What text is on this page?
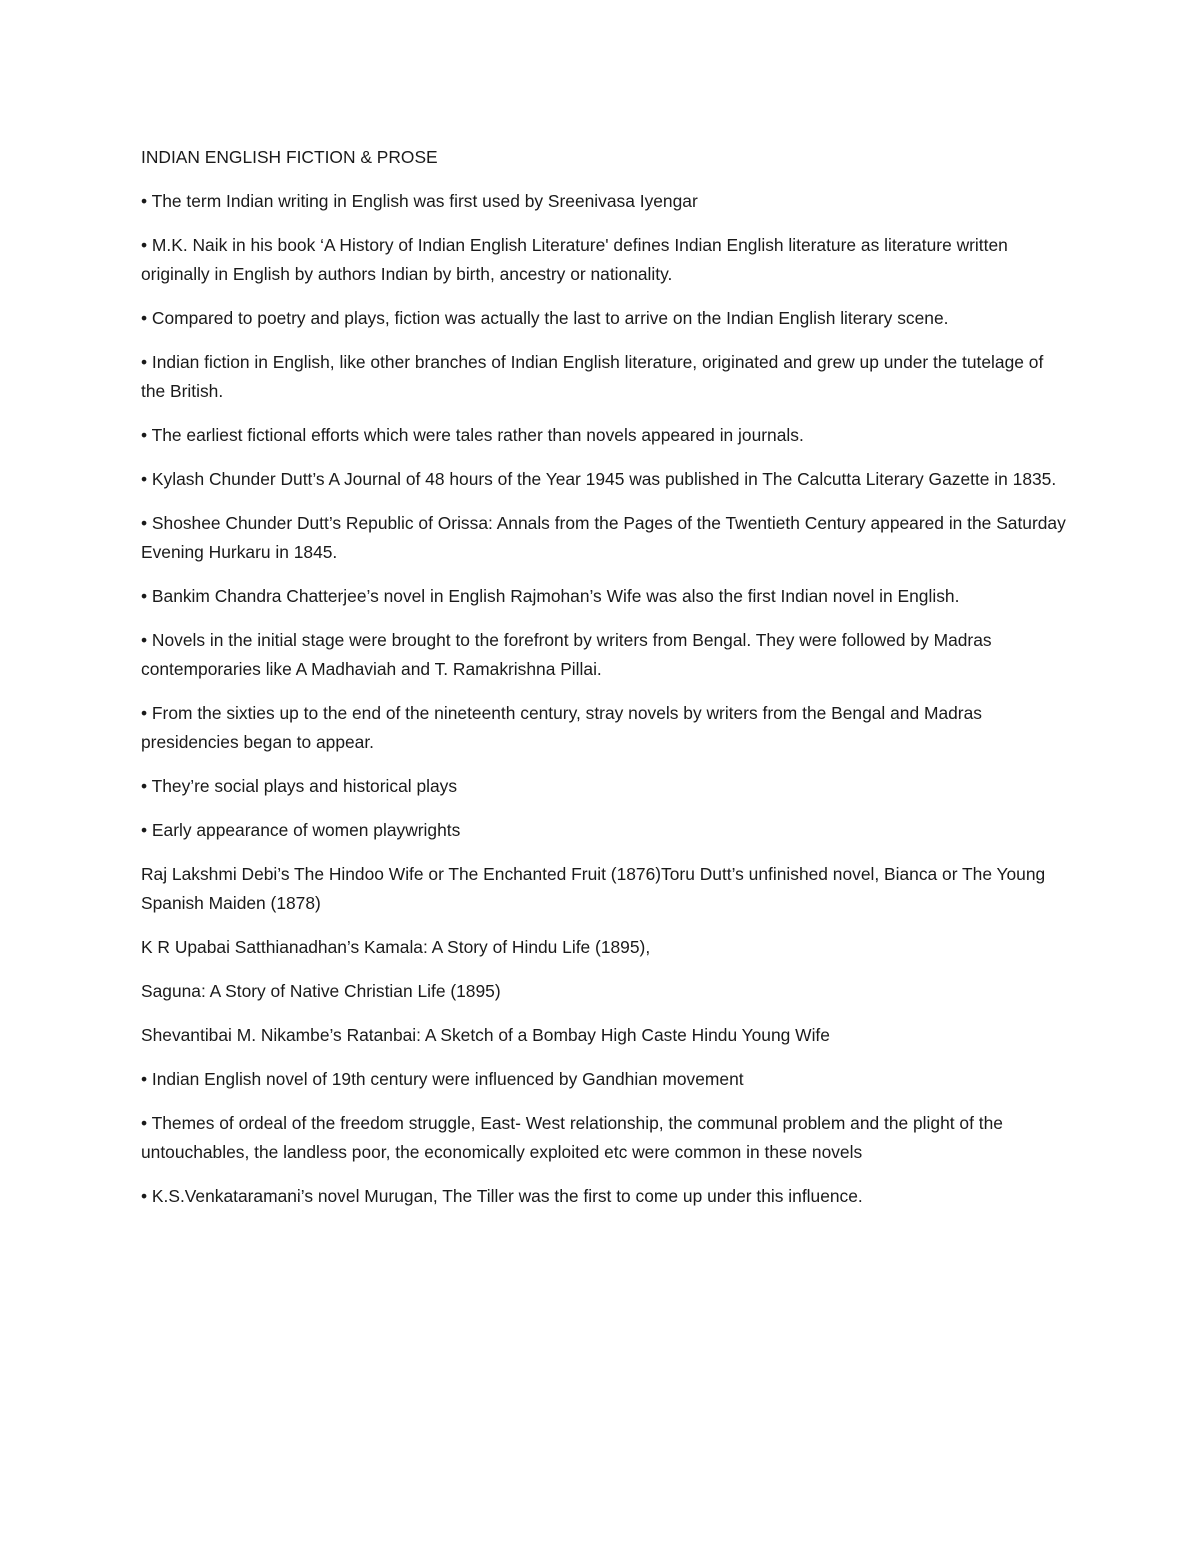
INDIAN ENGLISH FICTION & PROSE

• The term Indian writing in English was first used by Sreenivasa Iyengar

• M.K. Naik in his book ‘A History of Indian English Literature' defines Indian English literature as literature written originally in English by authors Indian by birth, ancestry or nationality.

• Compared to poetry and plays, fiction was actually the last to arrive on the Indian English literary scene.

• Indian fiction in English, like other branches of Indian English literature, originated and grew up under the tutelage of the British.

• The earliest fictional efforts which were tales rather than novels appeared in journals.

• Kylash Chunder Dutt’s A Journal of 48 hours of the Year 1945 was published in The Calcutta Literary Gazette in 1835.

• Shoshee Chunder Dutt’s Republic of Orissa: Annals from the Pages of the Twentieth Century appeared in the Saturday Evening Hurkaru in 1845.

• Bankim Chandra Chatterjee’s novel in English Rajmohan’s Wife was also the first Indian novel in English.

• Novels in the initial stage were brought to the forefront by writers from Bengal. They were followed by Madras contemporaries like A Madhaviah and T. Ramakrishna Pillai.

• From the sixties up to the end of the nineteenth century, stray novels by writers from the Bengal and Madras presidencies began to appear.

• They’re social plays and historical plays

• Early appearance of women playwrights

Raj Lakshmi Debi’s The Hindoo Wife or The Enchanted Fruit (1876)Toru Dutt’s unfinished novel, Bianca or The Young Spanish Maiden (1878)

K R Upabai Satthianadhan’s Kamala: A Story of Hindu Life (1895),

Saguna: A Story of Native Christian Life (1895)

Shevantibai M. Nikambe’s Ratanbai: A Sketch of a Bombay High Caste Hindu Young Wife

• Indian English novel of 19th century were influenced by Gandhian movement

• Themes of ordeal of the freedom struggle, East- West relationship, the communal problem and the plight of the untouchables, the landless poor, the economically exploited etc were common in these novels

• K.S.Venkataramani’s novel Murugan, The Tiller was the first to come up under this influence.
